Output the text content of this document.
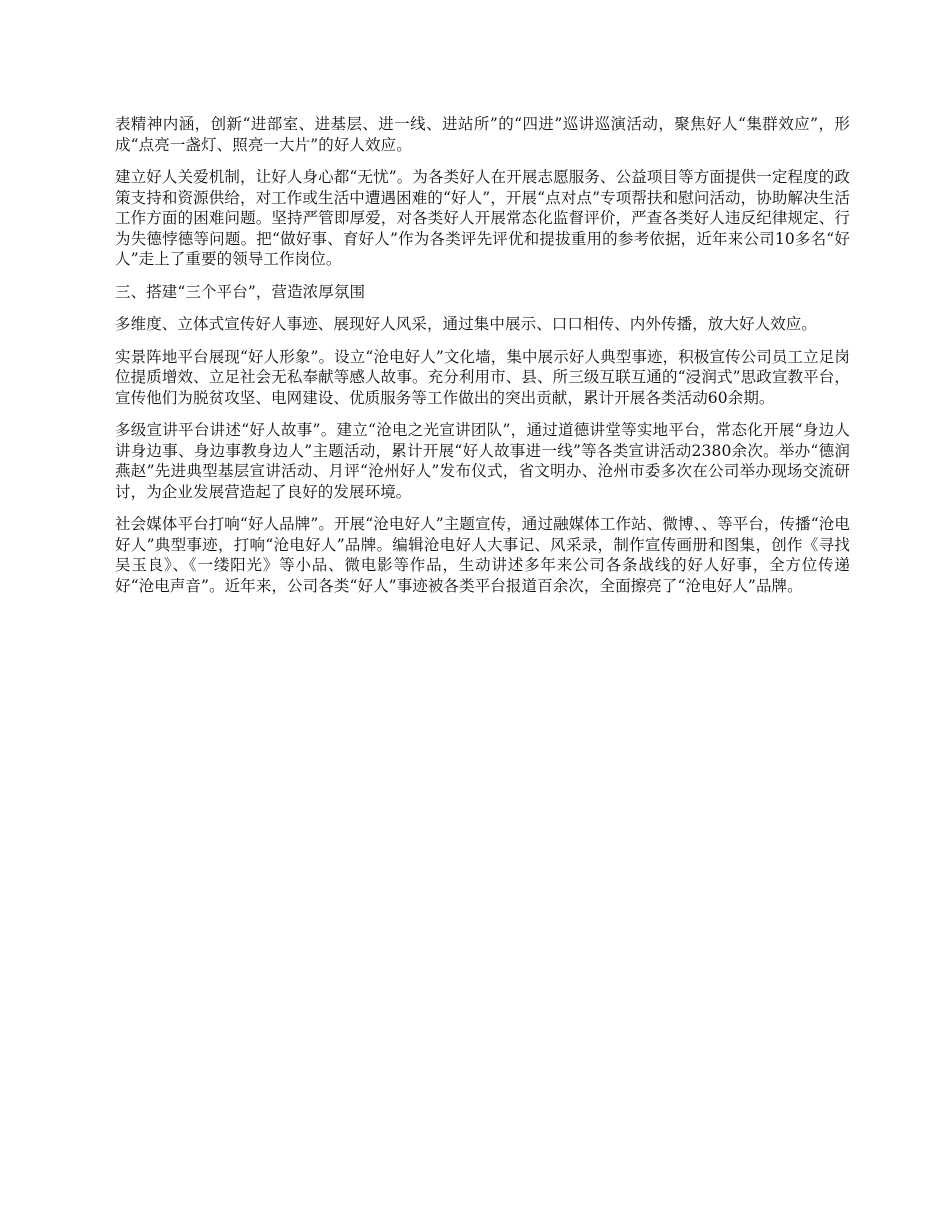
表精神内涵，创新“进部室、进基层、进一线、进站所”的“四进”巡讲巡演活动，聚焦好人“集群效应”，形成“点亮一盏灯、照亮一大片”的好人效应。

建立好人关爱机制，让好人身心都“无忧”。为各类好人在开展志愿服务、公益项目等方面提供一定程度的政策支持和资源供给，对工作或生活中遭遇困难的“好人”，开展“点对点”专项帮扶和慰问活动，协助解决生活工作方面的困难问题。坚持严管即厚爱，对各类好人开展常态化监督评价，严查各类好人违反纪律规定、行为失德悖德等问题。把“做好事、育好人”作为各类评先评优和提拔重用的参考依据，近年来公司10多名“好人”走上了重要的领导工作岗位。

三、搭建“三个平台”，营造浓厚氛围

多维度、立体式宣传好人事迹、展现好人风采，通过集中展示、口口相传、内外传播，放大好人效应。

实景阵地平台展现“好人形象”。设立“沧电好人”文化墙，集中展示好人典型事迹，积极宣传公司员工立足岗位提质增效、立足社会无私奉献等感人故事。充分利用市、县、所三级互联互通的“浸润式”思政宣教平台，宣传他们为脱贫攻坚、电网建设、优质服务等工作做出的突出贡献，累计开展各类活动60余期。

多级宣讲平台讲述“好人故事”。建立“沧电之光宣讲团队”，通过道德讲堂等实地平台，常态化开展“身边人讲身边事、身边事教身边人”主题活动，累计开展“好人故事进一线”等各类宣讲活动2380余次。举办“德润燕赵”先进典型基层宣讲活动、月评“沧州好人”发布仪式，省文明办、沧州市委多次在公司举办现场交流研讨，为企业发展营造起了良好的发展环境。

社会媒体平台打响“好人品牌”。开展“沧电好人”主题宣传，通过融媒体工作站、微博、、等平台，传播“沧电好人”典型事迹，打响“沧电好人”品牌。编辑沧电好人大事记、风采录，制作宣传画册和图集，创作《寻找吴玉良》、《一缕阳光》等小品、微电影等作品，生动讲述多年来公司各条战线的好人好事，全方位传递好“沧电声音”。近年来，公司各类“好人”事迹被各类平台报道百余次，全面擦亮了“沧电好人”品牌。
